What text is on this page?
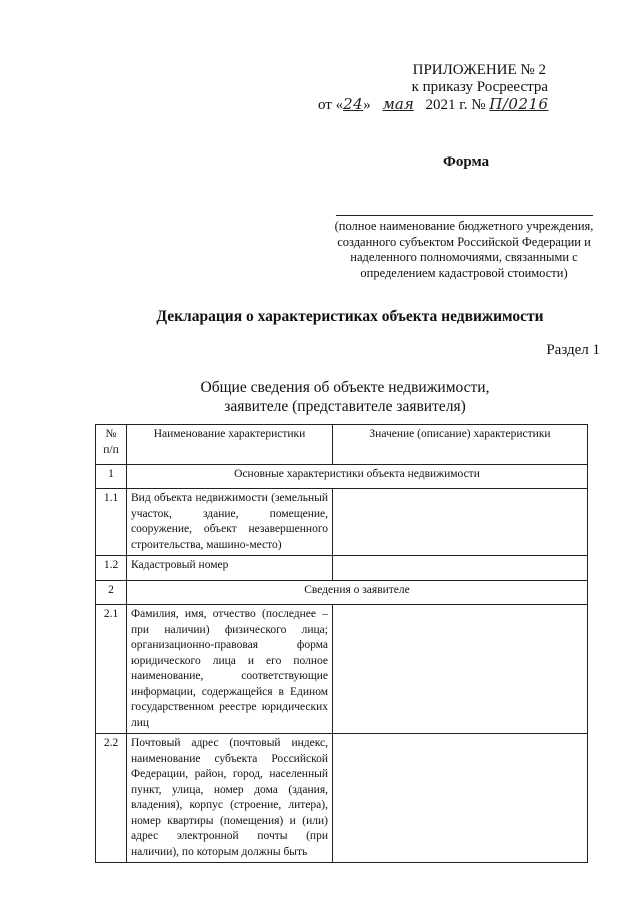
ПРИЛОЖЕНИЕ № 2
к приказу Росреестра
от «24» мая 2021 г. № П/0216
Форма
(полное наименование бюджетного учреждения, созданного субъектом Российской Федерации и наделенного полномочиями, связанными с определением кадастровой стоимости)
Декларация о характеристиках объекта недвижимости
Раздел 1
Общие сведения об объекте недвижимости,
заявителе (представителе заявителя)
№ п/п	Наименование характеристики	Значение (описание) характеристики
1	Основные характеристики объекта недвижимости	
1.1	Вид объекта недвижимости (земельный участок, здание, помещение, сооружение, объект незавершенного строительства, машино-место)	
1.2	Кадастровый номер	
2	Сведения о заявителе	
2.1	Фамилия, имя, отчество (последнее – при наличии) физического лица; организационно-правовая форма юридического лица и его полное наименование, соответствующие информации, содержащейся в Едином государственном реестре юридических лиц	
2.2	Почтовый адрес (почтовый индекс, наименование субъекта Российской Федерации, район, город, населенный пункт, улица, номер дома (здания, владения), корпус (строение, литера), номер квартиры (помещения) и (или) адрес электронной почты (при наличии), по которым должны быть	
